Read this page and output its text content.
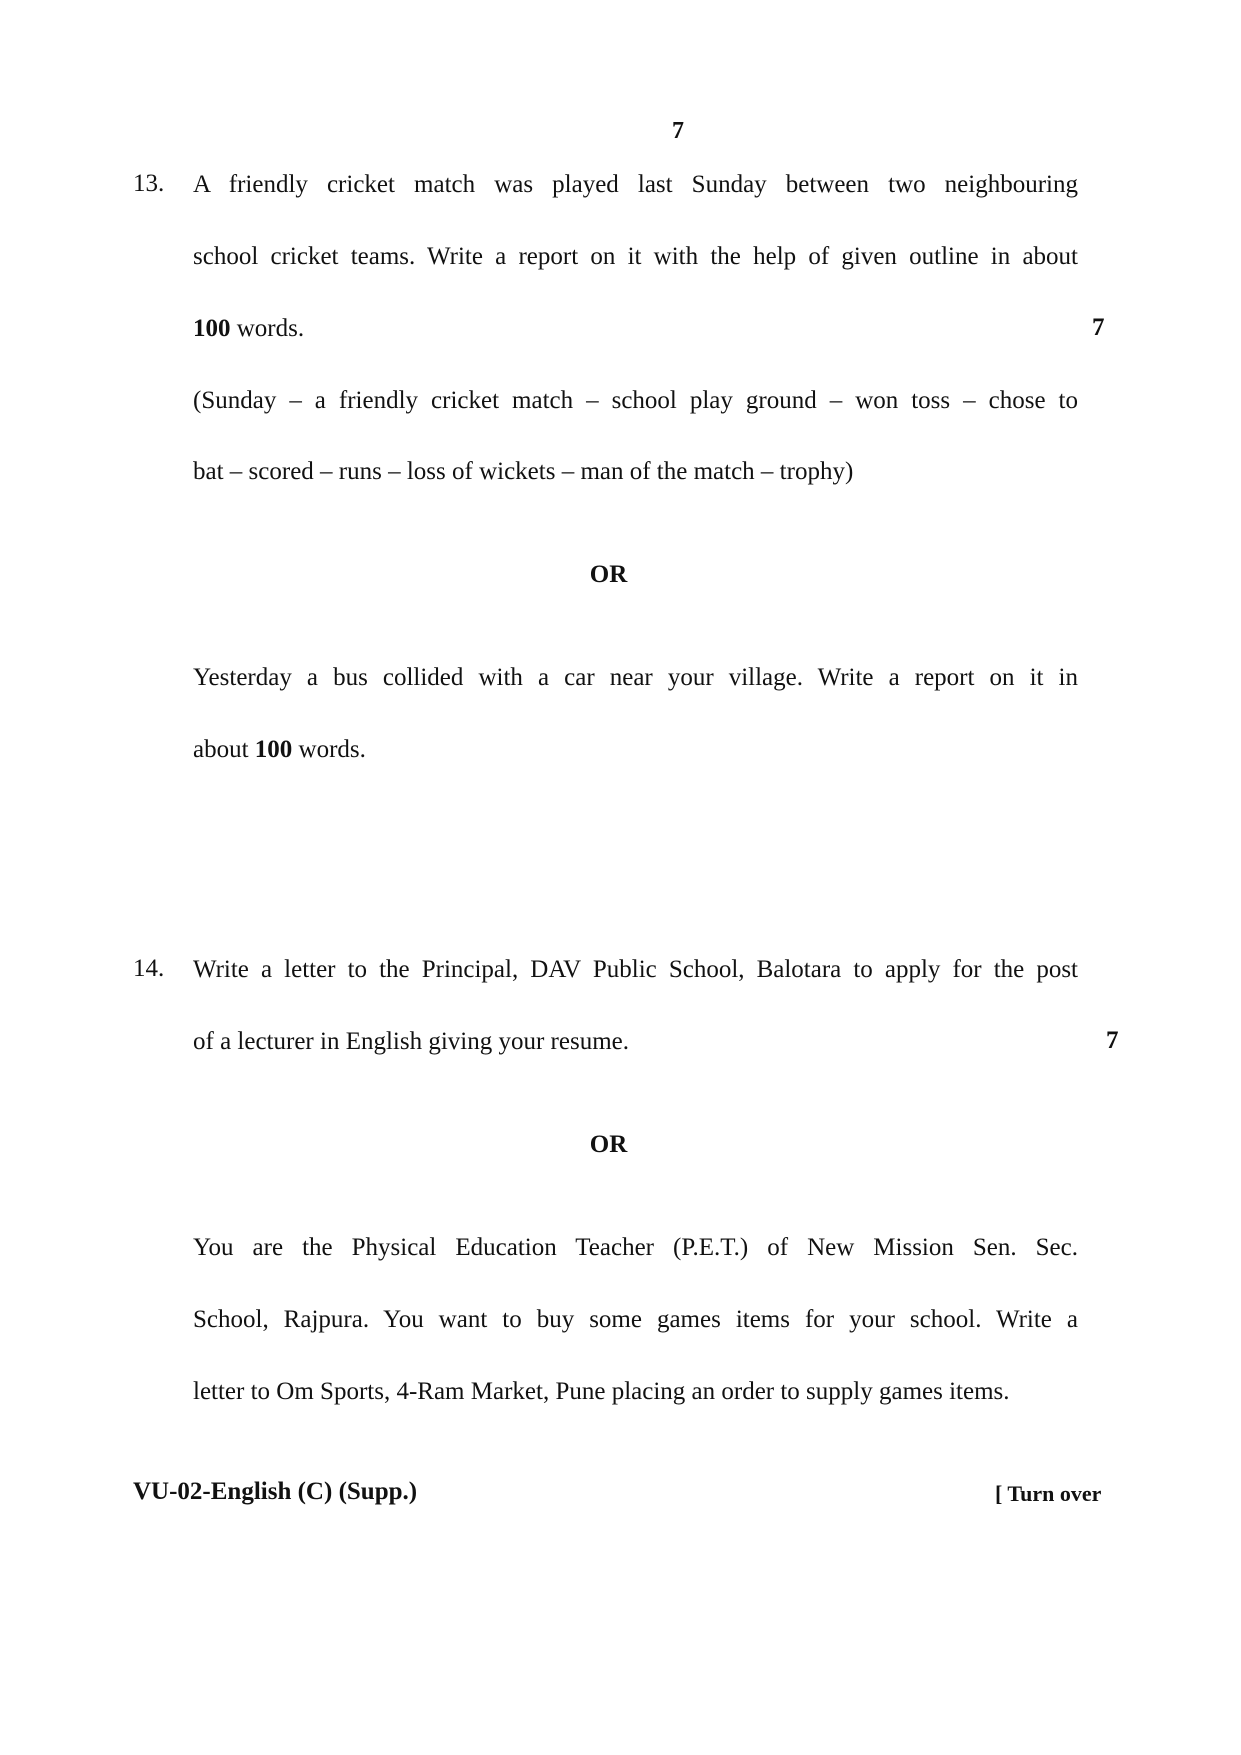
7
13. A friendly cricket match was played last Sunday between two neighbouring
school cricket teams. Write a report on it with the help of given outline in about
100 words.	7
(Sunday – a friendly cricket match – school play ground – won toss – chose to
bat – scored – runs – loss of wickets – man of the match – trophy)
OR
Yesterday a bus collided with a car near your village. Write a report on it in
about 100 words.
14. Write a letter to the Principal, DAV Public School, Balotara to apply for the post
of a lecturer in English giving your resume.	7
OR
You are the Physical Education Teacher (P.E.T.) of New Mission Sen. Sec.
School, Rajpura. You want to buy some games items for your school. Write a
letter to Om Sports, 4-Ram Market, Pune placing an order to supply games items.
VU-02-English (C) (Supp.)	[ Turn over
